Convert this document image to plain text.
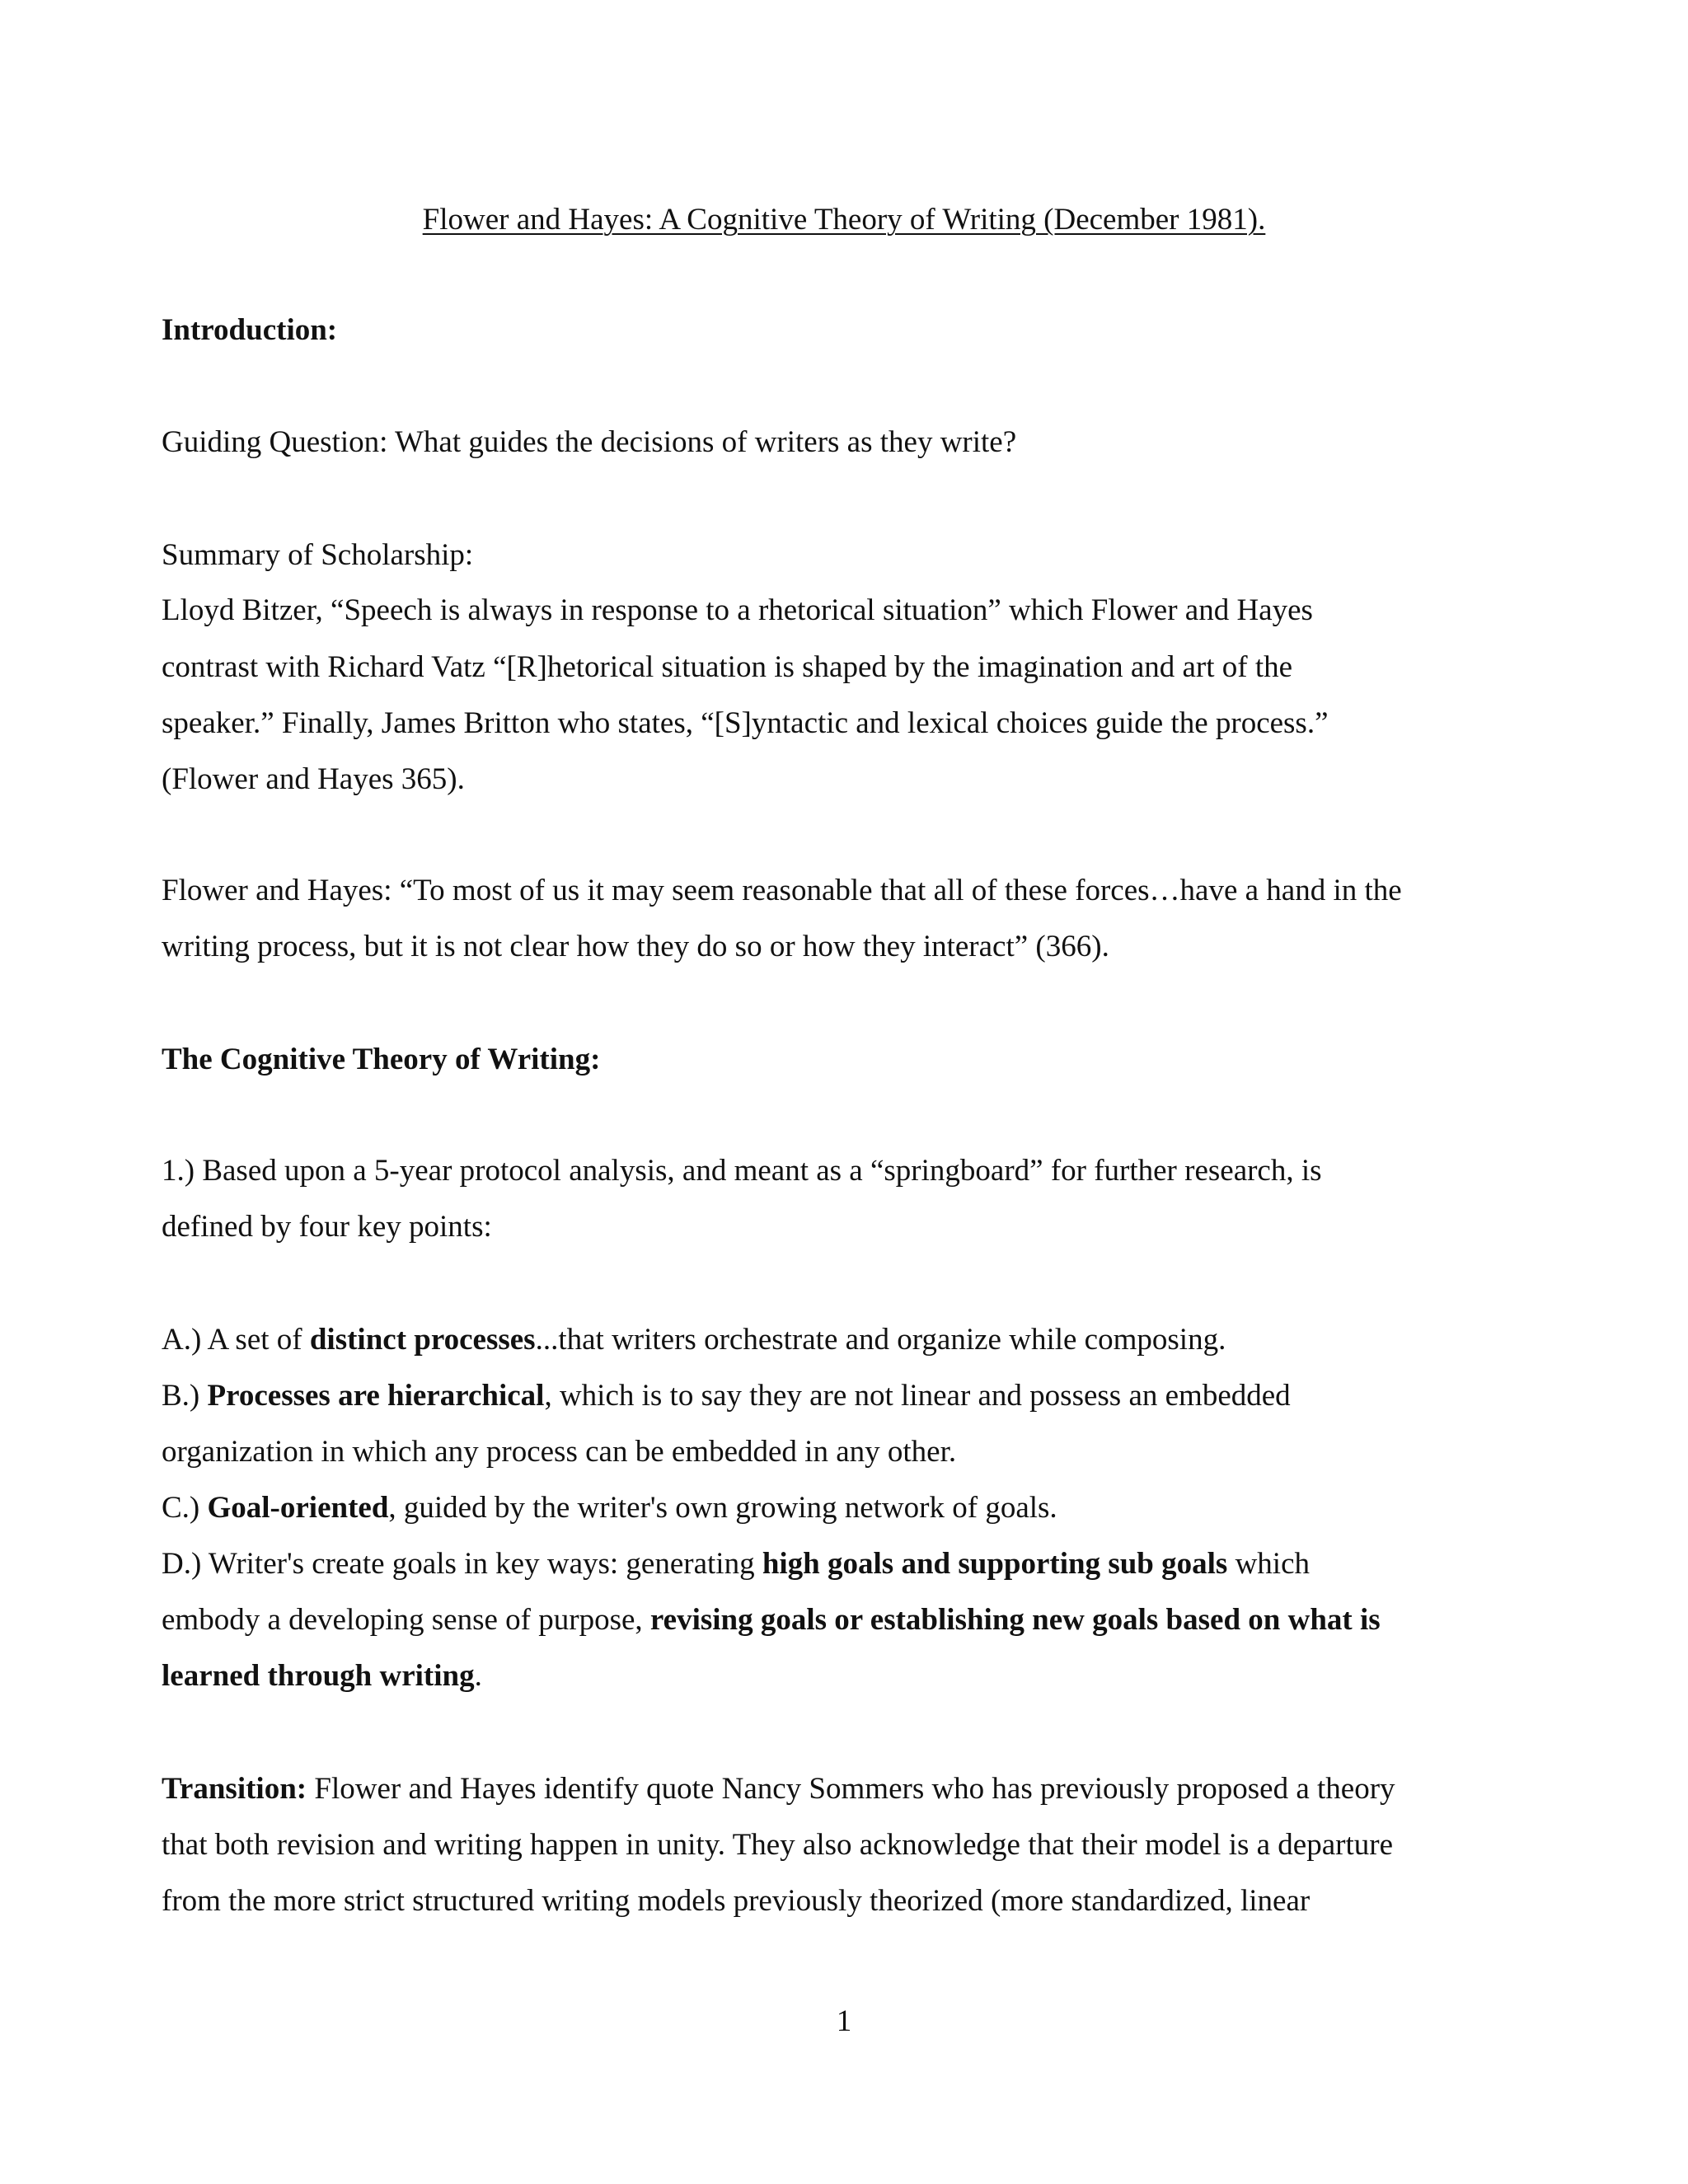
Flower and Hayes: A Cognitive Theory of Writing (December 1981).

Introduction:

Guiding Question: What guides the decisions of writers as they write?

Summary of Scholarship:

Lloyd Bitzer, “Speech is always in response to a rhetorical situation” which Flower and Hayes

contrast with Richard Vatz “[R]hetorical situation is shaped by the imagination and art of the

speaker.” Finally, James Britton who states, “[S]yntactic and lexical choices guide the process.”

(Flower and Hayes 365).

Flower and Hayes: “To most of us it may seem reasonable that all of these forces…have a hand in the

writing process, but it is not clear how they do so or how they interact” (366).

The Cognitive Theory of Writing:

1.) Based upon a 5-year protocol analysis, and meant as a “springboard” for further research, is

defined by four key points:

A.) A set of distinct processes...that writers orchestrate and organize while composing.

B.) Processes are hierarchical, which is to say they are not linear and possess an embedded

organization in which any process can be embedded in any other.

C.) Goal-oriented, guided by the writer's own growing network of goals.

D.) Writer's create goals in key ways: generating high goals and supporting sub goals which

embody a developing sense of purpose, revising goals or establishing new goals based on what is

learned through writing.

Transition: Flower and Hayes identify quote Nancy Sommers who has previously proposed a theory

that both revision and writing happen in unity. They also acknowledge that their model is a departure

from the more strict structured writing models previously theorized (more standardized, linear

1
